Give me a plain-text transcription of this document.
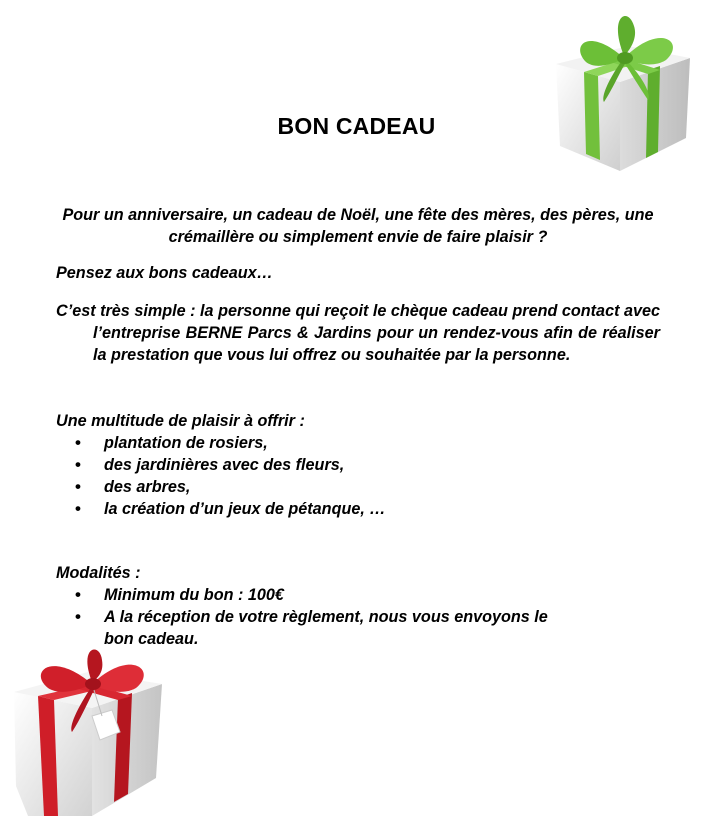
BON CADEAU
Pour un anniversaire, un cadeau de Noël, une fête des mères, des pères, une crémaillère ou simplement envie de faire plaisir ?
Pensez aux bons cadeaux…
C’est très simple : la personne qui reçoit le chèque cadeau prend contact avec l’entreprise BERNE Parcs & Jardins pour un rendez-vous afin de réaliser la prestation que vous lui offrez ou souhaitée par la personne.
Une multitude de plaisir à offrir :
• plantation de rosiers,
• des jardinières avec des fleurs,
• des arbres,
• la création d’un jeux de pétanque, …
Modalités :
• Minimum du bon : 100€
• A la réception de votre règlement, nous vous envoyons le bon cadeau.
